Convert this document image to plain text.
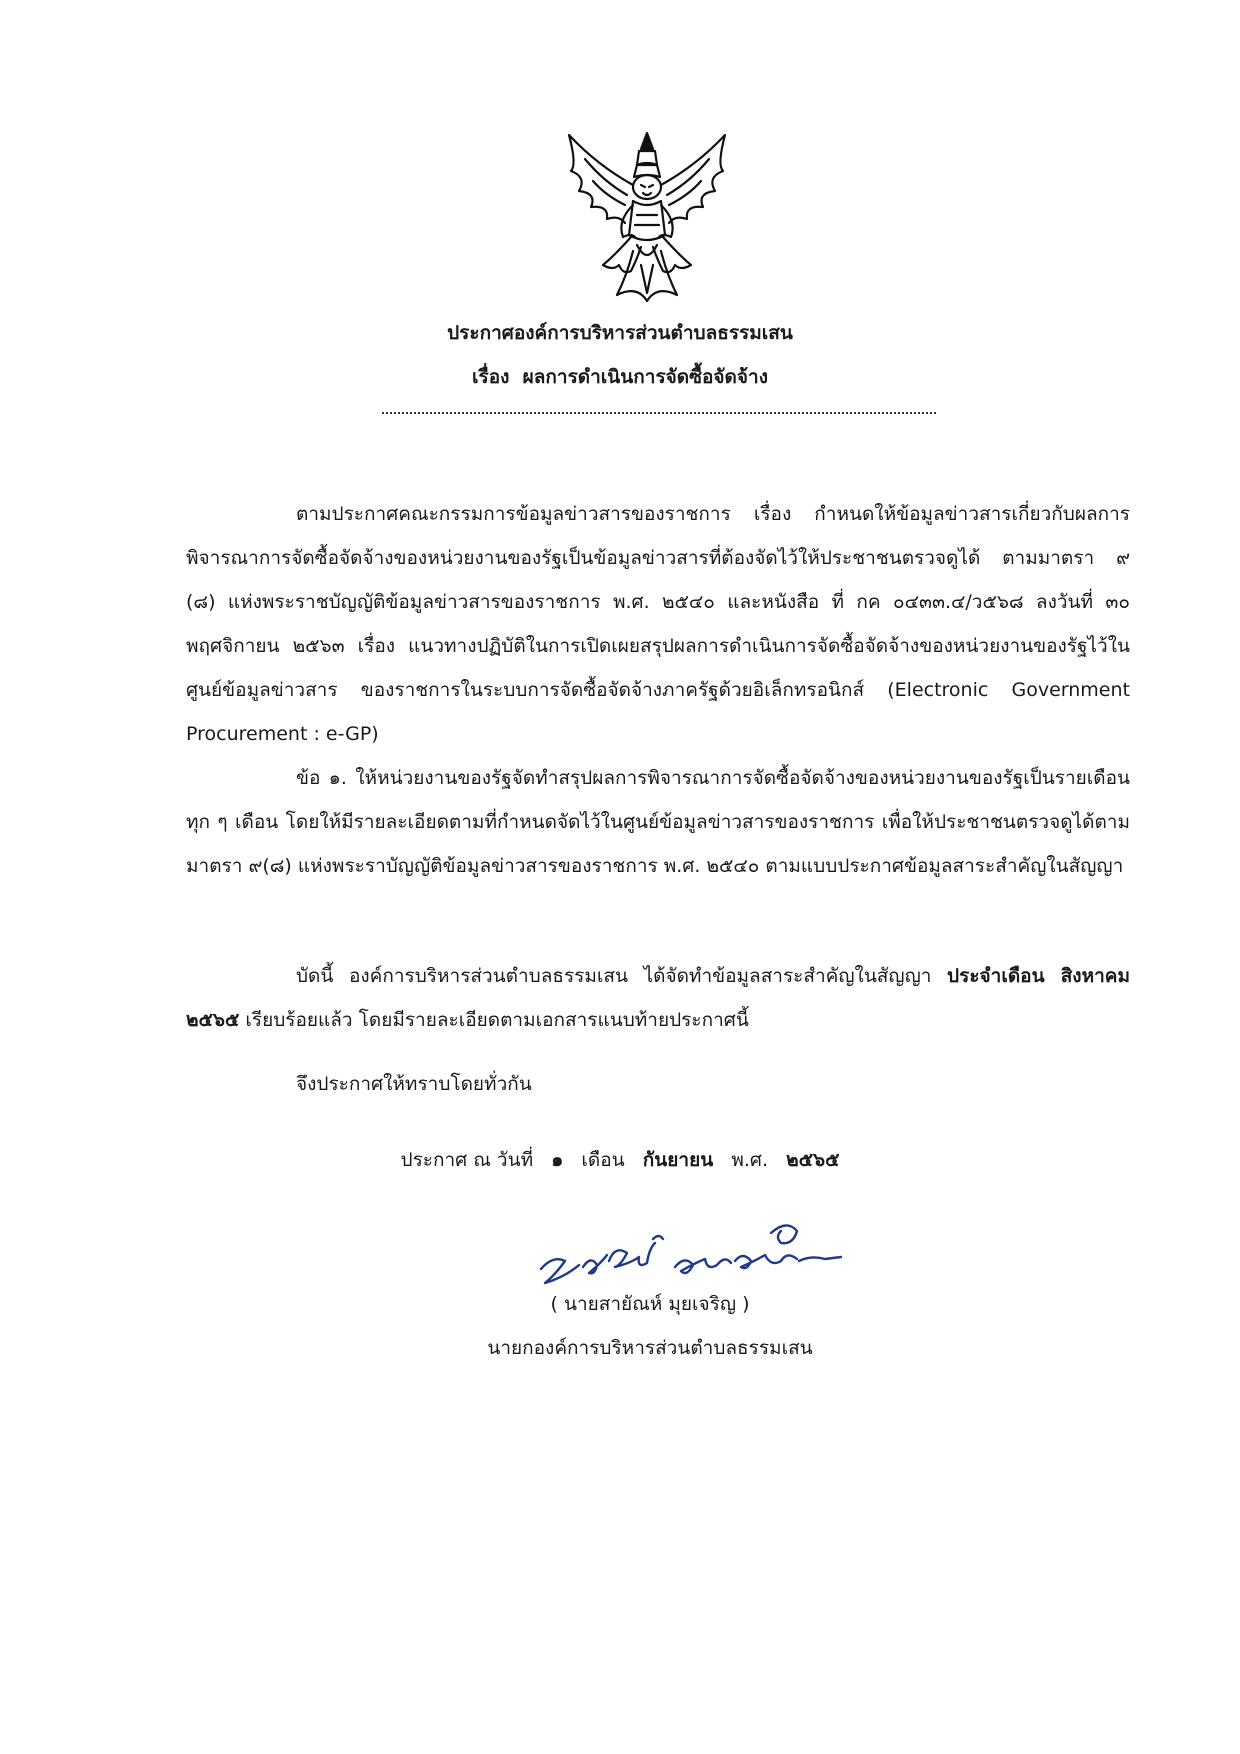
ประกาศองค์การบริหารส่วนตำบลธรรมเสน
เรื่อง ผลการดำเนินการจัดซื้อจัดจ้าง
ตามประกาศคณะกรรมการข้อมูลข่าวสารของราชการ เรื่อง กำหนดให้ข้อมูลข่าวสารเกี่ยวกับผลการพิจารณาการจัดซื้อจัดจ้างของหน่วยงานของรัฐเป็นข้อมูลข่าวสารที่ต้องจัดไว้ให้ประชาชนตรวจดูได้ ตามมาตรา ๙ (๘) แห่งพระราชบัญญัติข้อมูลข่าวสารของราชการ พ.ศ. ๒๕๔๐ และหนังสือ ที่ กค ๐๔๓๓.๔/ว๕๖๘ ลงวันที่ ๓๐ พฤศจิกายน ๒๕๖๓ เรื่อง แนวทางปฏิบัติในการเปิดเผยสรุปผลการดำเนินการจัดซื้อจัดจ้างของหน่วยงานของรัฐไว้ในศูนย์ข้อมูลข่าวสาร ของราชการในระบบการจัดซื้อจัดจ้างภาครัฐด้วยอิเล็กทรอนิกส์ (Electronic Government Procurement : e-GP)
ข้อ ๑. ให้หน่วยงานของรัฐจัดทำสรุปผลการพิจารณาการจัดซื้อจัดจ้างของหน่วยงานของรัฐเป็นรายเดือนทุก ๆ เดือน โดยให้มีรายละเอียดตามที่กำหนดจัดไว้ในศูนย์ข้อมูลข่าวสารของราชการ เพื่อให้ประชาชนตรวจดูได้ตามมาตรา ๙(๘) แห่งพระราบัญญัติข้อมูลข่าวสารของราชการ พ.ศ. ๒๕๔๐ ตามแบบประกาศข้อมูลสาระสำคัญในสัญญา
บัดนี้ องค์การบริหารส่วนตำบลธรรมเสน ได้จัดทำข้อมูลสาระสำคัญในสัญญา ประจำเดือน สิงหาคม ๒๕๖๕ เรียบร้อยแล้ว โดยมีรายละเอียดตามเอกสารแนบท้ายประกาศนี้
จึงประกาศให้ทราบโดยทั่วกัน
ประกาศ ณ วันที่ ๑ เดือน กันยายน พ.ศ. ๒๕๖๕
( นายสายัณห์ มุยเจริญ )
นายกองค์การบริหารส่วนตำบลธรรมเสน
